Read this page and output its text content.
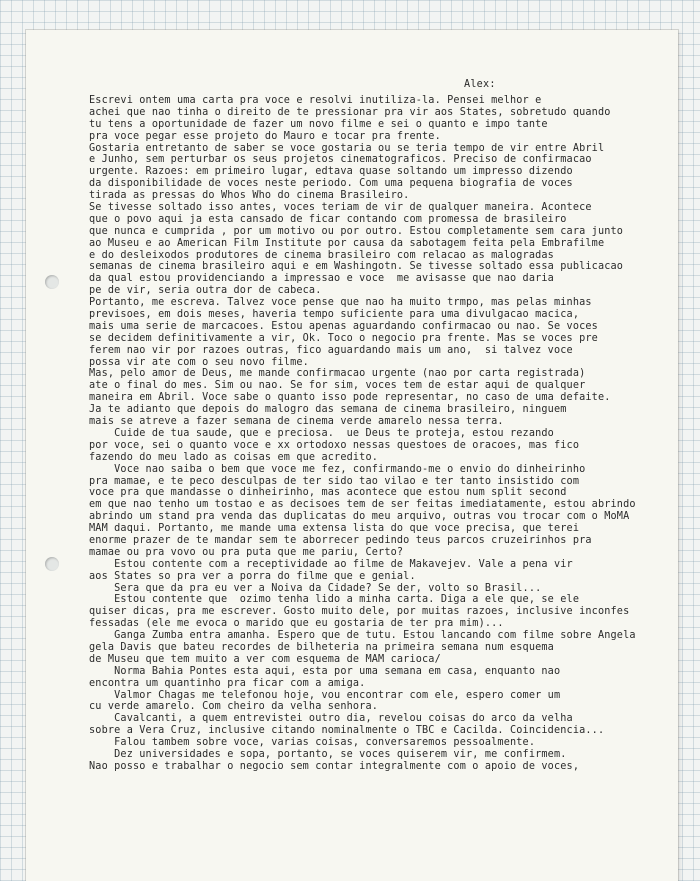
Alex:
Escrevi ontem uma carta pra voce e resolvi inutiliza-la. Pensei melhor e
achei que nao tinha o direito de te pressionar pra vir aos States, sobretudo quando
tu tens a oportunidade de fazer um novo filme e sei o quanto e impo tante
pra voce pegar esse projeto do Mauro e tocar pra frente.
Gostaria entretanto de saber se voce gostaria ou se teria tempo de vir entre Abril
e Junho, sem perturbar os seus projetos cinematograficos. Preciso de confirmacao
urgente. Razoes: em primeiro lugar, edtava quase soltando um impresso dizendo
da disponibilidade de voces neste periodo. Com uma pequena biografia de voces
tirada as pressas do Whos Who do cinema Brasileiro.
Se tivesse soltado isso antes, voces teriam de vir de qualquer maneira. Acontece
que o povo aqui ja esta cansado de ficar contando com promessa de brasileiro
que nunca e cumprida , por um motivo ou por outro. Estou completamente sem cara junto
ao Museu e ao American Film Institute por causa da sabotagem feita pela Embrafilme
e do desleixodos produtores de cinema brasileiro com relacao as malogradas
semanas de cinema brasileiro aqui e em Washingotn. Se tivesse soltado essa publicacao
da qual estou providenciando a impressao e voce  me avisasse que nao daria
pe de vir, seria outra dor de cabeca.
Portanto, me escreva. Talvez voce pense que nao ha muito trmpo, mas pelas minhas
previsoes, em dois meses, haveria tempo suficiente para uma divulgacao macica,
mais uma serie de marcacoes. Estou apenas aguardando confirmacao ou nao. Se voces
se decidem definitivamente a vir, Ok. Toco o negocio pra frente. Mas se voces pre
ferem nao vir por razoes outras, fico aguardando mais um ano,  si talvez voce
possa vir ate com o seu novo filme.
Mas, pelo amor de Deus, me mande confirmacao urgente (nao por carta registrada)
ate o final do mes. Sim ou nao. Se for sim, voces tem de estar aqui de qualquer
maneira em Abril. Voce sabe o quanto isso pode representar, no caso de uma defaite.
Ja te adianto que depois do malogro das semana de cinema brasileiro, ninguem
mais se atreve a fazer semana de cinema verde amarelo nessa terra.
Cuide de tua saude, que e preciosa.  ue Deus te proteja, estou rezando
por voce, sei o quanto voce e xx ortodoxo nessas questoes de oracoes, mas fico
fazendo do meu lado as coisas em que acredito.
Voce nao saiba o bem que voce me fez, confirmando-me o envio do dinheirinho
pra mamae, e te peco desculpas de ter sido tao vilao e ter tanto insistido com
voce pra que mandasse o dinheirinho, mas acontece que estou num split second
em que nao tenho um tostao e as decisoes tem de ser feitas imediatamente, estou abrindo
abrindo um stand pra venda das duplicatas do meu arquivo, outras vou trocar com o MoMA
MAM daqui. Portanto, me mande uma extensa lista do que voce precisa, que terei
enorme prazer de te mandar sem te aborrecer pedindo teus parcos cruzeirinhos pra
mamae ou pra vovo ou pra puta que me pariu, Certo?
Estou contente com a receptividade ao filme de Makavejev. Vale a pena vir
aos States so pra ver a porra do filme que e genial.
Sera que da pra eu ver a Noiva da Cidade? Se der, volto so Brasil...
Estou contente que  ozimo tenha lido a minha carta. Diga a ele que, se ele
quiser dicas, pra me escrever. Gosto muito dele, por muitas razoes, inclusive inconfes
fessadas (ele me evoca o marido que eu gostaria de ter pra mim)...
Ganga Zumba entra amanha. Espero que de tutu. Estou lancando com filme sobre Angela
gela Davis que bateu recordes de bilheteria na primeira semana num esquema
de Museu que tem muito a ver com esquema de MAM carioca/
Norma Bahia Pontes esta aqui, esta por uma semana em casa, enquanto nao
encontra um quantinho pra ficar com a amiga.
Valmor Chagas me telefonou hoje, vou encontrar com ele, espero comer um
cu verde amarelo. Com cheiro da velha senhora.
Cavalcanti, a quem entrevistei outro dia, revelou coisas do arco da velha
sobre a Vera Cruz, inclusive citando nominalmente o TBC e Cacilda. Coincidencia...
Falou tambem sobre voce, varias coisas, conversaremos pessoalmente.
Dez universidades e sopa, portanto, se voces quiserem vir, me confirmem.
Nao posso e trabalhar o negocio sem contar integralmente com o apoio de voces,
